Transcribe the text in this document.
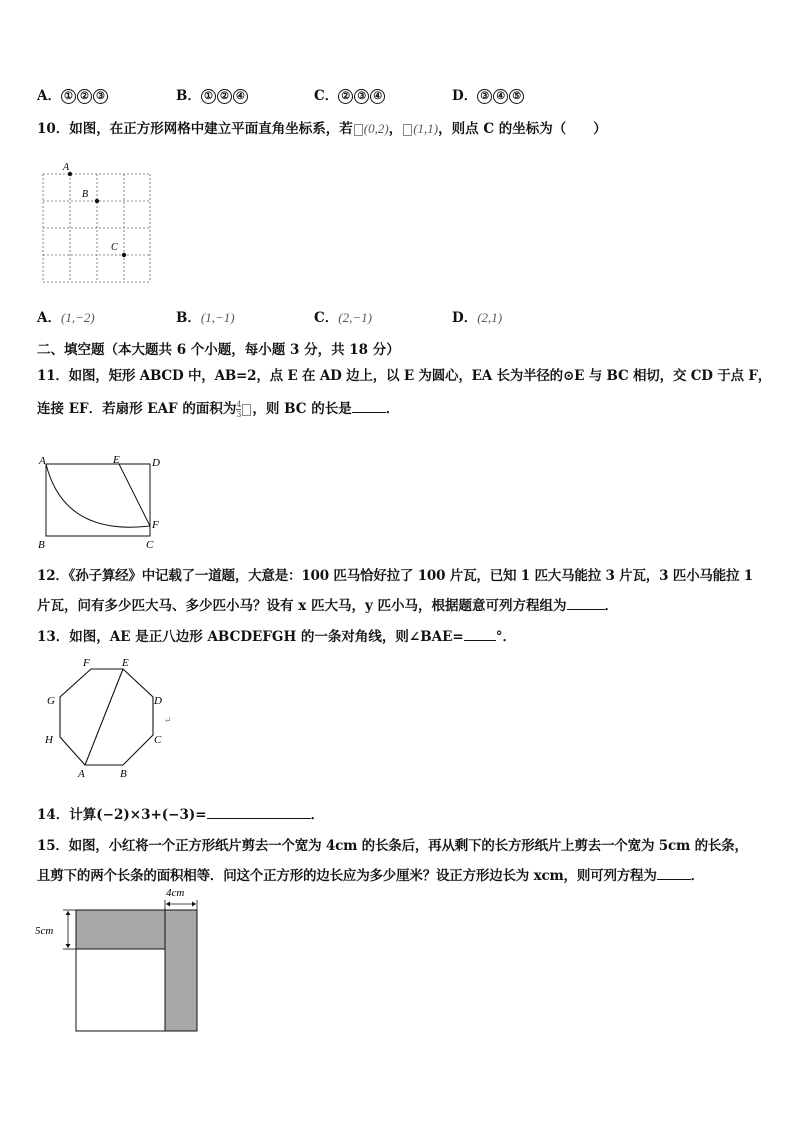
A． ① ② ③	B． ① ② ④	C． ② ③ ④	D． ③ ④ ⑤
10．如图，在正方形网格中建立平面直角坐标系，若 (0,2)， (1,1)，则点 C 的坐标为（　　）
A
B
C
A．(1,−2)	B．(1,−1)	C．(2,−1)	D．(2,1)
二、填空题（本大题共 6 个小题，每小题 3 分，共 18 分）
11．如图，矩形 ABCD 中，AB=2，点 E 在 AD 边上，以 E 为圆心，EA 长为半径的⊙E 与 BC 相切，交 CD 于点 F，
连接 EF．若扇形 EAF 的面积为 $\frac{4}{3}$ ，则 BC 的长是	．
A	E	D
B	C
F
12．《孙子算经》中记载了一道题，大意是：100 匹马恰好拉了 100 片瓦，已知 1 匹大马能拉 3 片瓦，3 匹小马能拉 1
片瓦，问有多少匹大马、多少匹小马？设有 x 匹大马，y 匹小马，根据题意可列方程组为	．
13．如图，AE 是正八边形 ABCDEFGH 的一条对角线，则∠BAE= °．
F	E
G	D
H	C
A	B
↵
14．计算(−2)×3+(−3)=	．
15．如图，小红将一个正方形纸片剪去一个宽为 4cm 的长条后，再从剩下的长方形纸片上剪去一个宽为 5cm 的长条，
且剪下的两个长条的面积相等．问这个正方形的边长应为多少厘米？设正方形边长为 xcm，则可列方程为	．
4cm
5cm
